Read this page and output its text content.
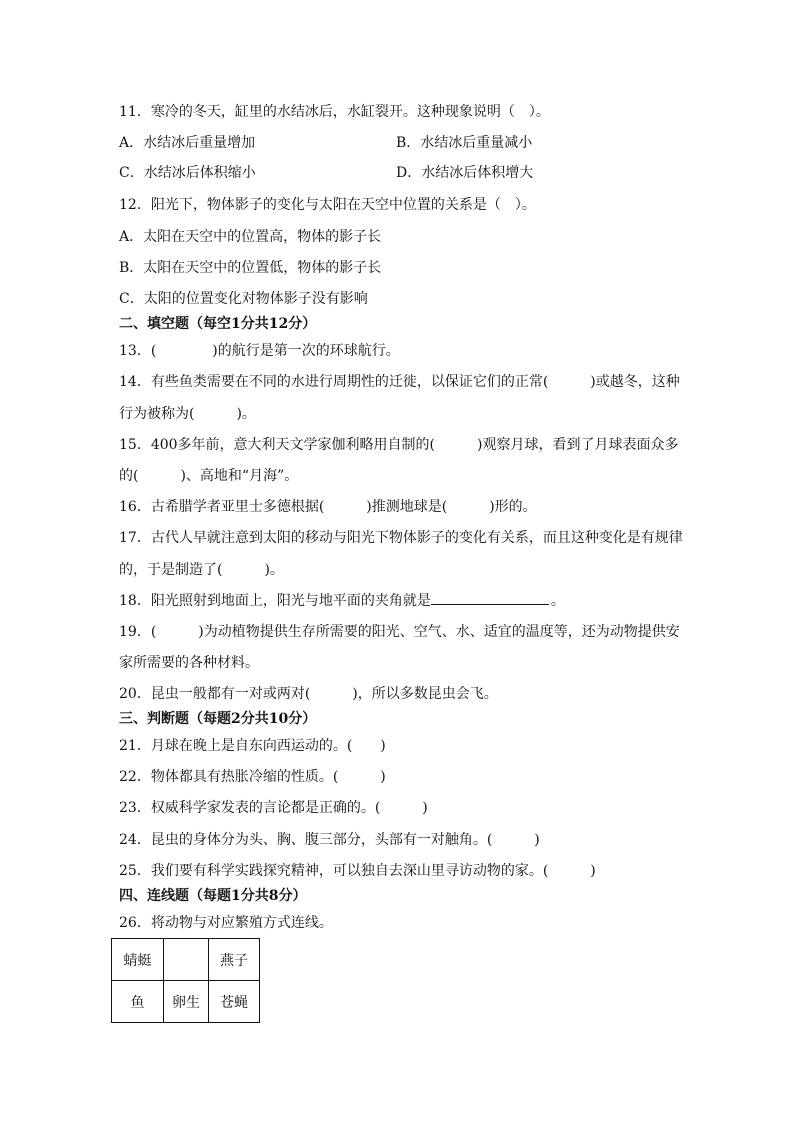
11．寒冷的冬天，缸里的水结冰后，水缸裂开。这种现象说明（　）。
A．水结冰后重量增加	B．水结冰后重量减小
C．水结冰后体积缩小	D．水结冰后体积增大
12．阳光下，物体影子的变化与太阳在天空中位置的关系是（　）。
A．太阳在天空中的位置高，物体的影子长
B．太阳在天空中的位置低，物体的影子长
C．太阳的位置变化对物体影子没有影响
二、填空题（每空1分共12分）
13．(　　　　)的航行是第一次的环球航行。
14．有些鱼类需要在不同的水进行周期性的迁徙，以保证它们的正常(　　　)或越冬，这种
行为被称为(　　　)。
15．400多年前，意大利天文学家伽利略用自制的(　　　)观察月球，看到了月球表面众多
的(　　　)、高地和“月海”。
16．古希腊学者亚里士多德根据(　　　)推测地球是(　　　)形的。
17．古代人早就注意到太阳的移动与阳光下物体影子的变化有关系，而且这种变化是有规律
的，于是制造了(　　　)。
18．阳光照射到地面上，阳光与地平面的夹角就是	。
19．(　　　)为动植物提供生存所需要的阳光、空气、水、适宜的温度等，还为动物提供安
家所需要的各种材料。
20．昆虫一般都有一对或两对(　　　)，所以多数昆虫会飞。
三、判断题（每题2分共10分）
21．月球在晚上是自东向西运动的。(　　)
22．物体都具有热胀冷缩的性质。(　　　)
23．权威科学家发表的言论都是正确的。(　　　)
24．昆虫的身体分为头、胸、腹三部分，头部有一对触角。(　　　)
25．我们要有科学实践探究精神，可以独自去深山里寻访动物的家。(　　　)
四、连线题（每题1分共8分）
26．将动物与对应繁殖方式连线。
蜻蜓		燕子
鱼	卵生	苍蝇
